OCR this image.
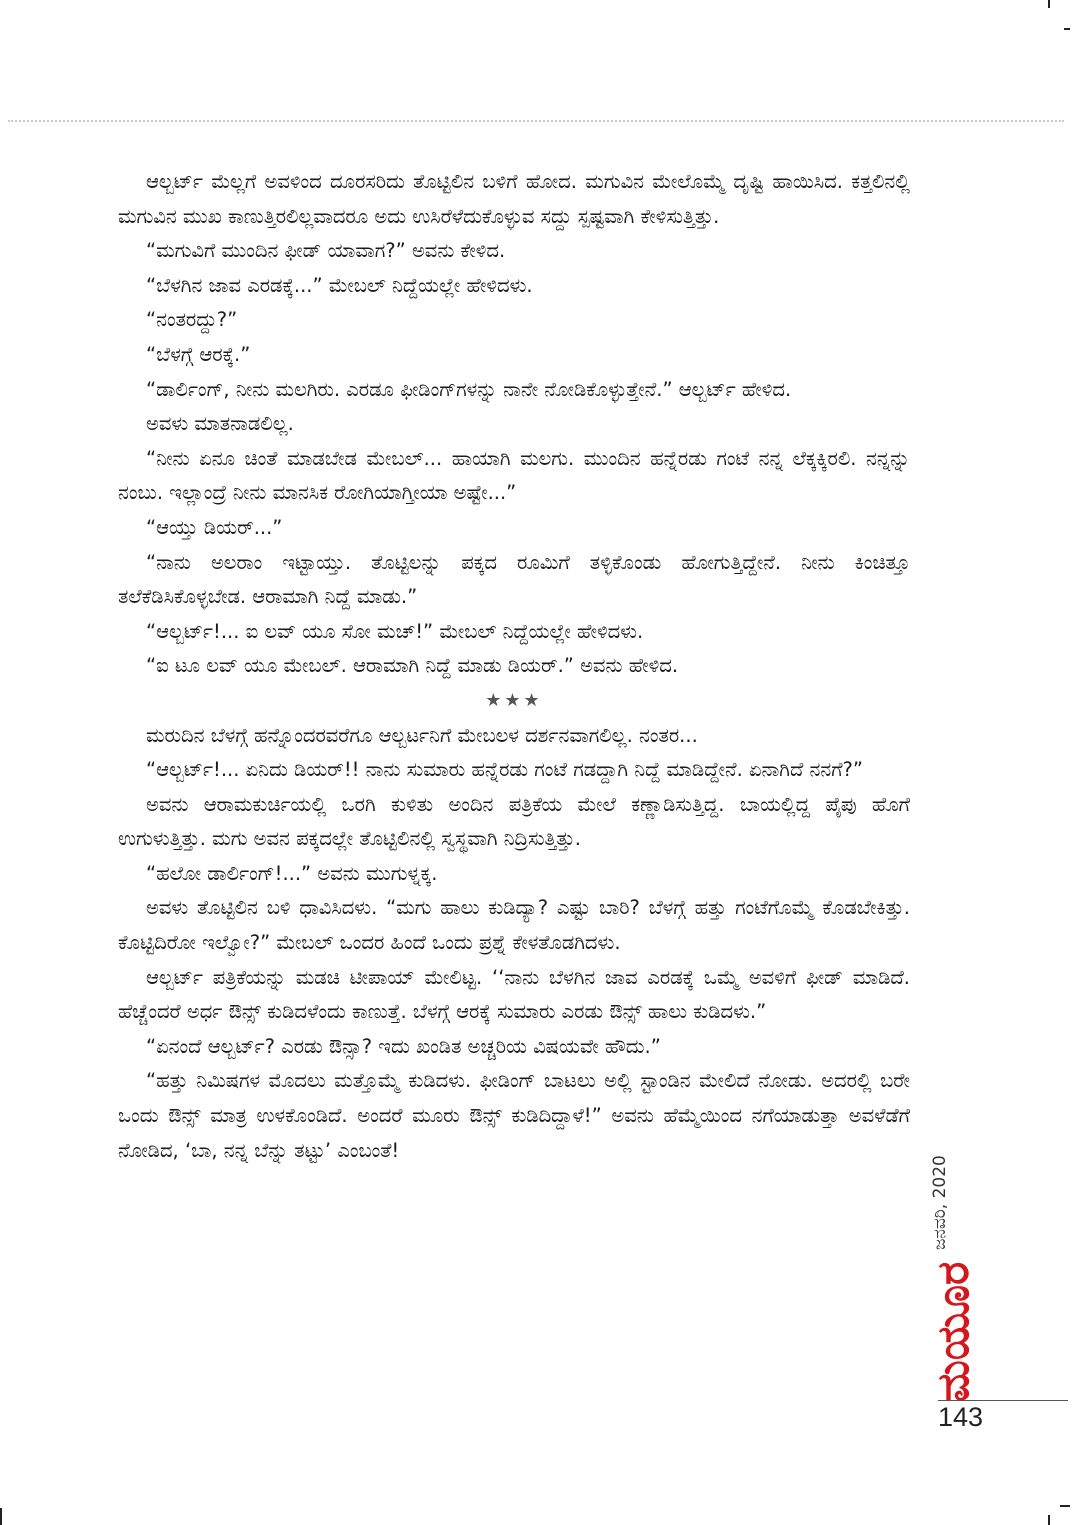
ಆಲ್ಬರ್ಟ್ ಮೆಲ್ಲಗೆ ಅವಳಿಂದ ದೂರಸರಿದು ತೊಟ್ಟಿಲಿನ ಬಳಿಗೆ ಹೋದ. ಮಗುವಿನ ಮೇಲೊಮ್ಮೆ ದೃಷ್ಟಿ ಹಾಯಿಸಿದ. ಕತ್ತಲಿನಲ್ಲಿ ಮಗುವಿನ ಮುಖ ಕಾಣುತ್ತಿರಲಿಲ್ಲವಾದರೂ ಅದು ಉಸಿರೆಳೆದುಕೊಳ್ಳುವ ಸದ್ದು ಸ್ಪಷ್ಟವಾಗಿ ಕೇಳಿಸುತ್ತಿತ್ತು.

“ಮಗುವಿಗೆ ಮುಂದಿನ ಫೀಡ್ ಯಾವಾಗ?” ಅವನು ಕೇಳಿದ.

“ಬೆಳಗಿನ ಜಾವ ಎರಡಕ್ಕೆ...” ಮೇಬಲ್ ನಿದ್ದೆಯಲ್ಲೇ ಹೇಳಿದಳು.

“ನಂತರದ್ದು?”

“ಬೆಳಗ್ಗೆ ಆರಕ್ಕೆ.”

“ಡಾರ್ಲಿಂಗ್, ನೀನು ಮಲಗಿರು. ಎರಡೂ ಫೀಡಿಂಗ್‌ಗಳನ್ನು ನಾನೇ ನೋಡಿಕೊಳ್ಳುತ್ತೇನೆ.” ಆಲ್ಬರ್ಟ್ ಹೇಳಿದ.

ಅವಳು ಮಾತನಾಡಲಿಲ್ಲ.

“ನೀನು ಏನೂ ಚಿಂತೆ ಮಾಡಬೇಡ ಮೇಬಲ್... ಹಾಯಾಗಿ ಮಲಗು. ಮುಂದಿನ ಹನ್ನೆರಡು ಗಂಟೆ ನನ್ನ ಲೆಕ್ಕಕ್ಕಿರಲಿ. ನನ್ನನ್ನು ನಂಬು. ಇಲ್ಲಾಂದ್ರೆ ನೀನು ಮಾನಸಿಕ ರೋಗಿಯಾಗ್ತೀಯಾ ಅಷ್ಟೇ...”

“ಆಯ್ತು ಡಿಯರ್...”

“ನಾನು ಅಲರಾಂ ಇಟ್ಟಾಯ್ತು. ತೊಟ್ಟಿಲನ್ನು ಪಕ್ಕದ ರೂಮಿಗೆ ತಳ್ಳಿಕೊಂಡು ಹೋಗುತ್ತಿದ್ದೇನೆ. ನೀನು ಕಿಂಚಿತ್ತೂ ತಲೆಕೆಡಿಸಿಕೊಳ್ಳಬೇಡ. ಆರಾಮಾಗಿ ನಿದ್ದೆ ಮಾಡು.”

“ಆಲ್ಬರ್ಟ್!... ಐ ಲವ್ ಯೂ ಸೋ ಮಚ್!” ಮೇಬಲ್ ನಿದ್ದೆಯಲ್ಲೇ ಹೇಳಿದಳು.

“ಐ ಟೂ ಲವ್ ಯೂ ಮೇಬಲ್. ಆರಾಮಾಗಿ ನಿದ್ದೆ ಮಾಡು ಡಿಯರ್.” ಅವನು ಹೇಳಿದ.

★★★

ಮರುದಿನ ಬೆಳಗ್ಗೆ ಹನ್ನೊಂದರವರೆಗೂ ಆಲ್ಬರ್ಟನಿಗೆ ಮೇಬಲಳ ದರ್ಶನವಾಗಲಿಲ್ಲ. ನಂತರ...

“ಆಲ್ಬರ್ಟ್!... ಏನಿದು ಡಿಯರ್!! ನಾನು ಸುಮಾರು ಹನ್ನೆರಡು ಗಂಟೆ ಗಡದ್ದಾಗಿ ನಿದ್ದೆ ಮಾಡಿದ್ದೇನೆ. ಏನಾಗಿದೆ ನನಗೆ?”

ಅವನು ಆರಾಮಕುರ್ಚಿಯಲ್ಲಿ ಒರಗಿ ಕುಳಿತು ಅಂದಿನ ಪತ್ರಿಕೆಯ ಮೇಲೆ ಕಣ್ಣಾಡಿಸುತ್ತಿದ್ದ. ಬಾಯಲ್ಲಿದ್ದ ಪೈಪು ಹೊಗೆ ಉಗುಳುತ್ತಿತ್ತು. ಮಗು ಅವನ ಪಕ್ಕದಲ್ಲೇ ತೊಟ್ಟಿಲಿನಲ್ಲಿ ಸ್ವಸ್ಥವಾಗಿ ನಿದ್ರಿಸುತ್ತಿತ್ತು.

“ಹಲೋ ಡಾರ್ಲಿಂಗ್!...” ಅವನು ಮುಗುಳ್ನಕ್ಕ.

ಅವಳು ತೊಟ್ಟಿಲಿನ ಬಳಿ ಧಾವಿಸಿದಳು. “ಮಗು ಹಾಲು ಕುಡಿದ್ಯಾ? ಎಷ್ಟು ಬಾರಿ? ಬೆಳಗ್ಗೆ ಹತ್ತು ಗಂಟೆಗೊಮ್ಮೆ ಕೊಡಬೇಕಿತ್ತು. ಕೊಟ್ಟಿದಿರೋ ಇಲ್ವೋ?” ಮೇಬಲ್ ಒಂದರ ಹಿಂದೆ ಒಂದು ಪ್ರಶ್ನೆ ಕೇಳತೊಡಗಿದಳು.

ಆಲ್ಬರ್ಟ್ ಪತ್ರಿಕೆಯನ್ನು ಮಡಚಿ ಟೀಪಾಯ್ ಮೇಲಿಟ್ಟ. ‘‘ನಾನು ಬೆಳಗಿನ ಜಾವ ಎರಡಕ್ಕೆ ಒಮ್ಮೆ ಅವಳಿಗೆ ಫೀಡ್ ಮಾಡಿದೆ. ಹೆಚ್ಚೆಂದರೆ ಅರ್ಧ ಔನ್ಸ್ ಕುಡಿದಳೆಂದು ಕಾಣುತ್ತೆ. ಬೆಳಗ್ಗೆ ಆರಕ್ಕೆ ಸುಮಾರು ಎರಡು ಔನ್ಸ್ ಹಾಲು ಕುಡಿದಳು.”

“ಏನಂದೆ ಆಲ್ಬರ್ಟ್? ಎರಡು ಔನ್ಸಾ? ಇದು ಖಂಡಿತ ಅಚ್ಚರಿಯ ವಿಷಯವೇ ಹೌದು.”

“ಹತ್ತು ನಿಮಿಷಗಳ ಮೊದಲು ಮತ್ತೊಮ್ಮೆ ಕುಡಿದಳು. ಫೀಡಿಂಗ್ ಬಾಟಲು ಅಲ್ಲಿ ಸ್ಟಾಂಡಿನ ಮೇಲಿದೆ ನೋಡು. ಅದರಲ್ಲಿ ಬರೇ ಒಂದು ಔನ್ಸ್ ಮಾತ್ರ ಉಳಕೊಂಡಿದೆ. ಅಂದರೆ ಮೂರು ಔನ್ಸ್ ಕುಡಿದಿದ್ದಾಳೆ!” ಅವನು ಹೆಮ್ಮೆಯಿಂದ ನಗೆಯಾಡುತ್ತಾ ಅವಳೆಡೆಗೆ ನೋಡಿದ, ‘ಬಾ, ನನ್ನ ಬೆನ್ನು ತಟ್ಟು’ ಎಂಬಂತೆ!

ಜನವರಿ, 2020
ಮಯೂರ
143
